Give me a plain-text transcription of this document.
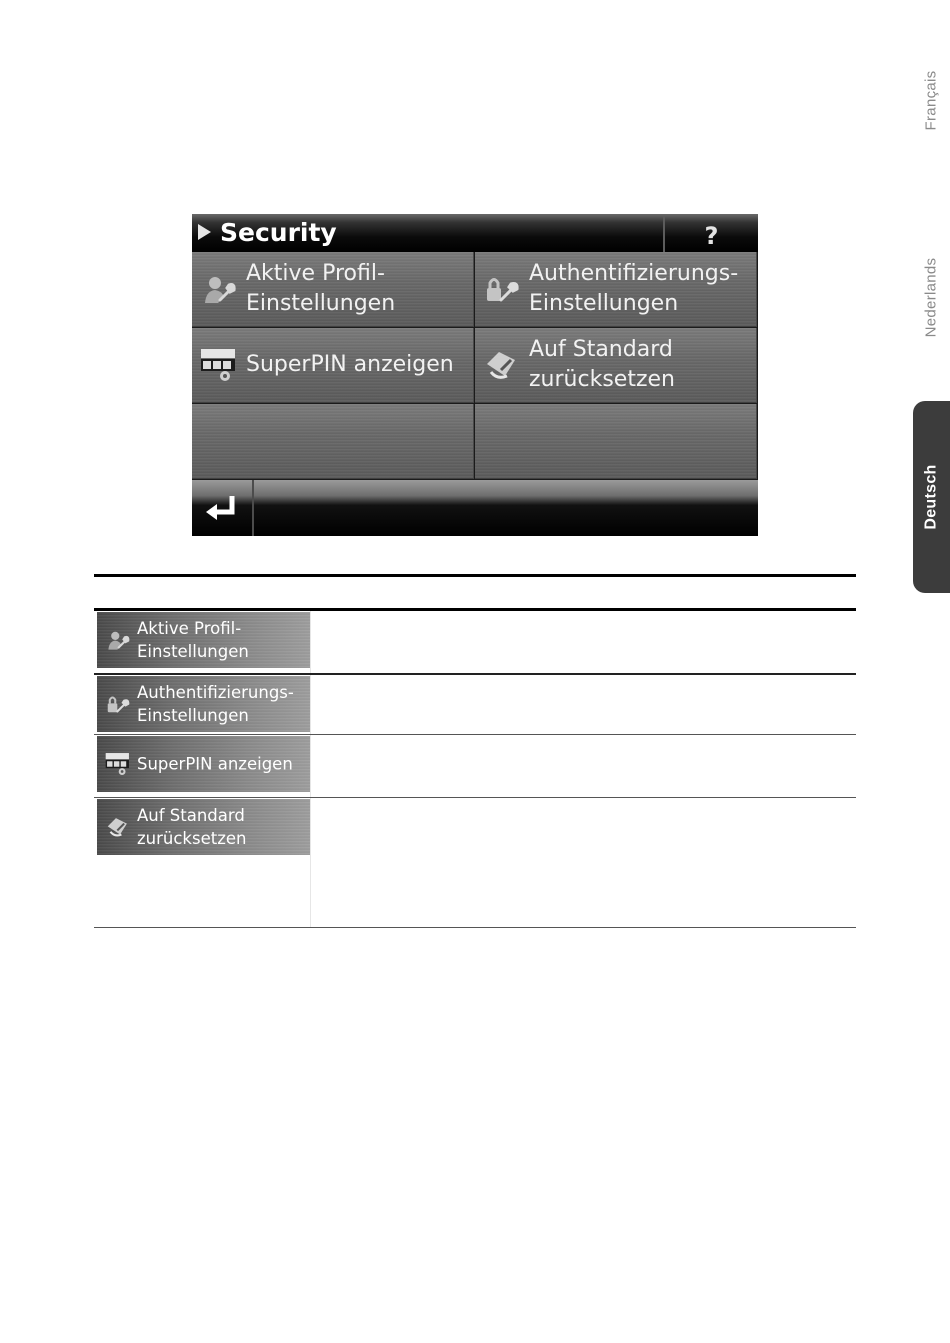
Français
Nederlands
Deutsch
Security	?
Aktive Profil-
Einstellungen
Authentifizierungs-
Einstellungen
SuperPIN anzeigen
Auf Standard
zurücksetzen
Aktive Profil-
Einstellungen
Authentifizierungs-
Einstellungen
SuperPIN anzeigen
Auf Standard
zurücksetzen
